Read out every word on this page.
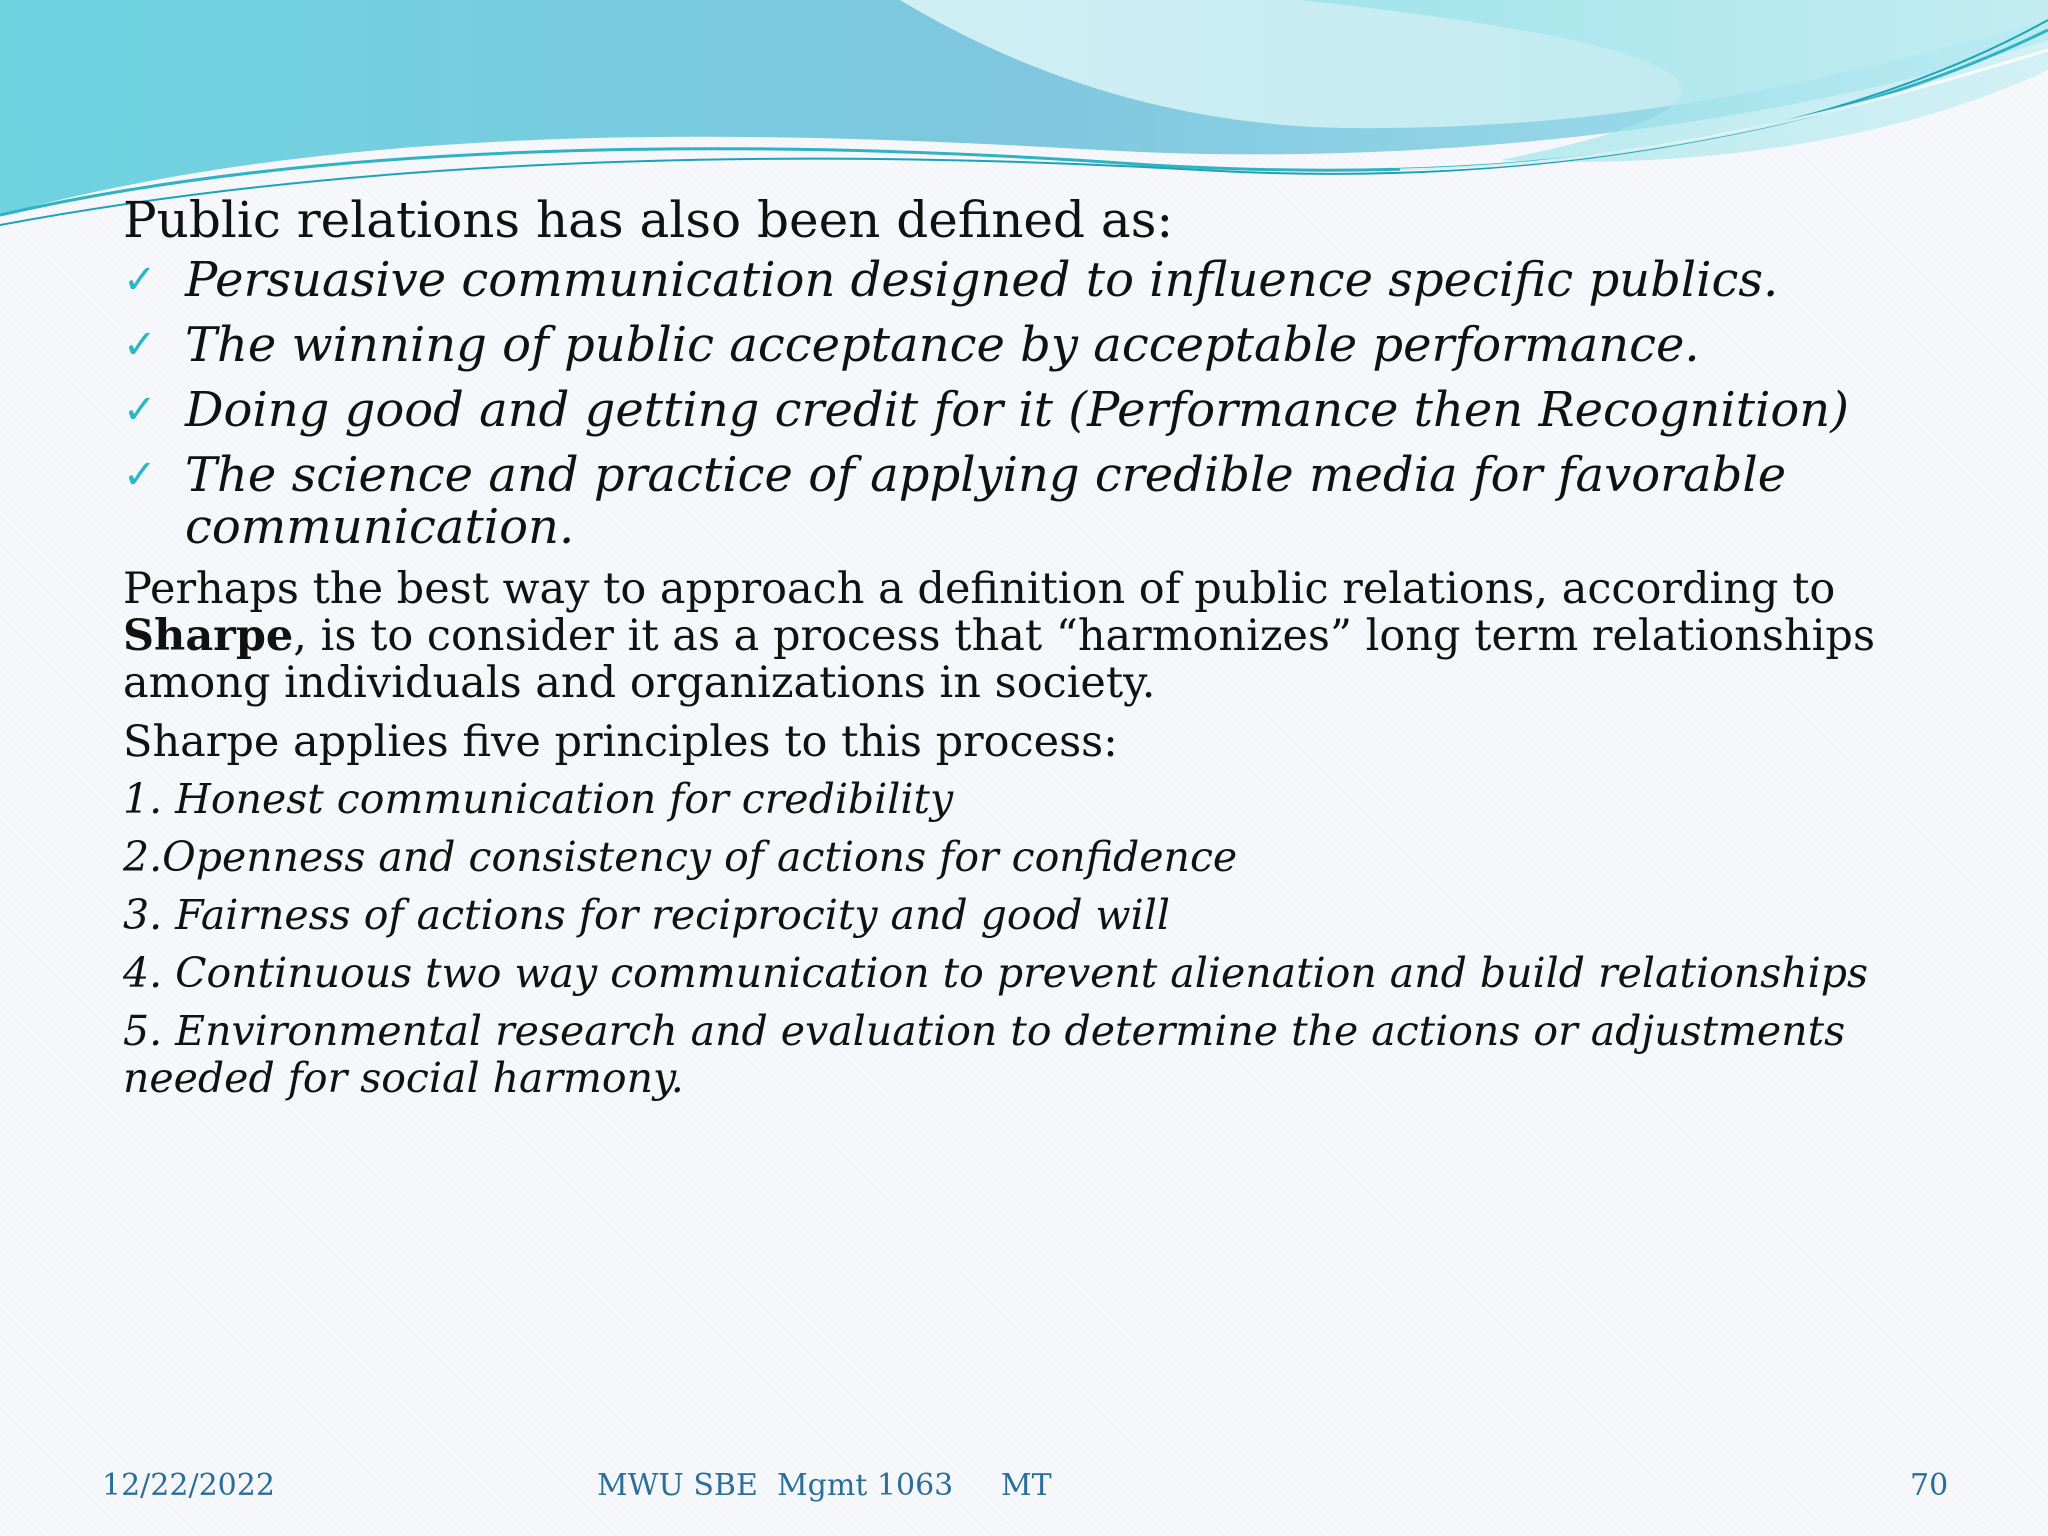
Public relations has also been defined as:
✓ Persuasive communication designed to influence specific publics.
✓ The winning of public acceptance by acceptable performance.
✓ Doing good and getting credit for it (Performance then Recognition)
✓ The science and practice of applying credible media for favorable communication.

Perhaps the best way to approach a definition of public relations, according to Sharpe, is to consider it as a process that “harmonizes” long term relationships among individuals and organizations in society.

Sharpe applies five principles to this process:

1. Honest communication for credibility
2.Openness and consistency of actions for confidence
3. Fairness of actions for reciprocity and good will
4. Continuous two way communication to prevent alienation and build relationships
5. Environmental research and evaluation to determine the actions or adjustments needed for social harmony.
12/22/2022	MWU SBE  Mgmt 1063     MT	70
